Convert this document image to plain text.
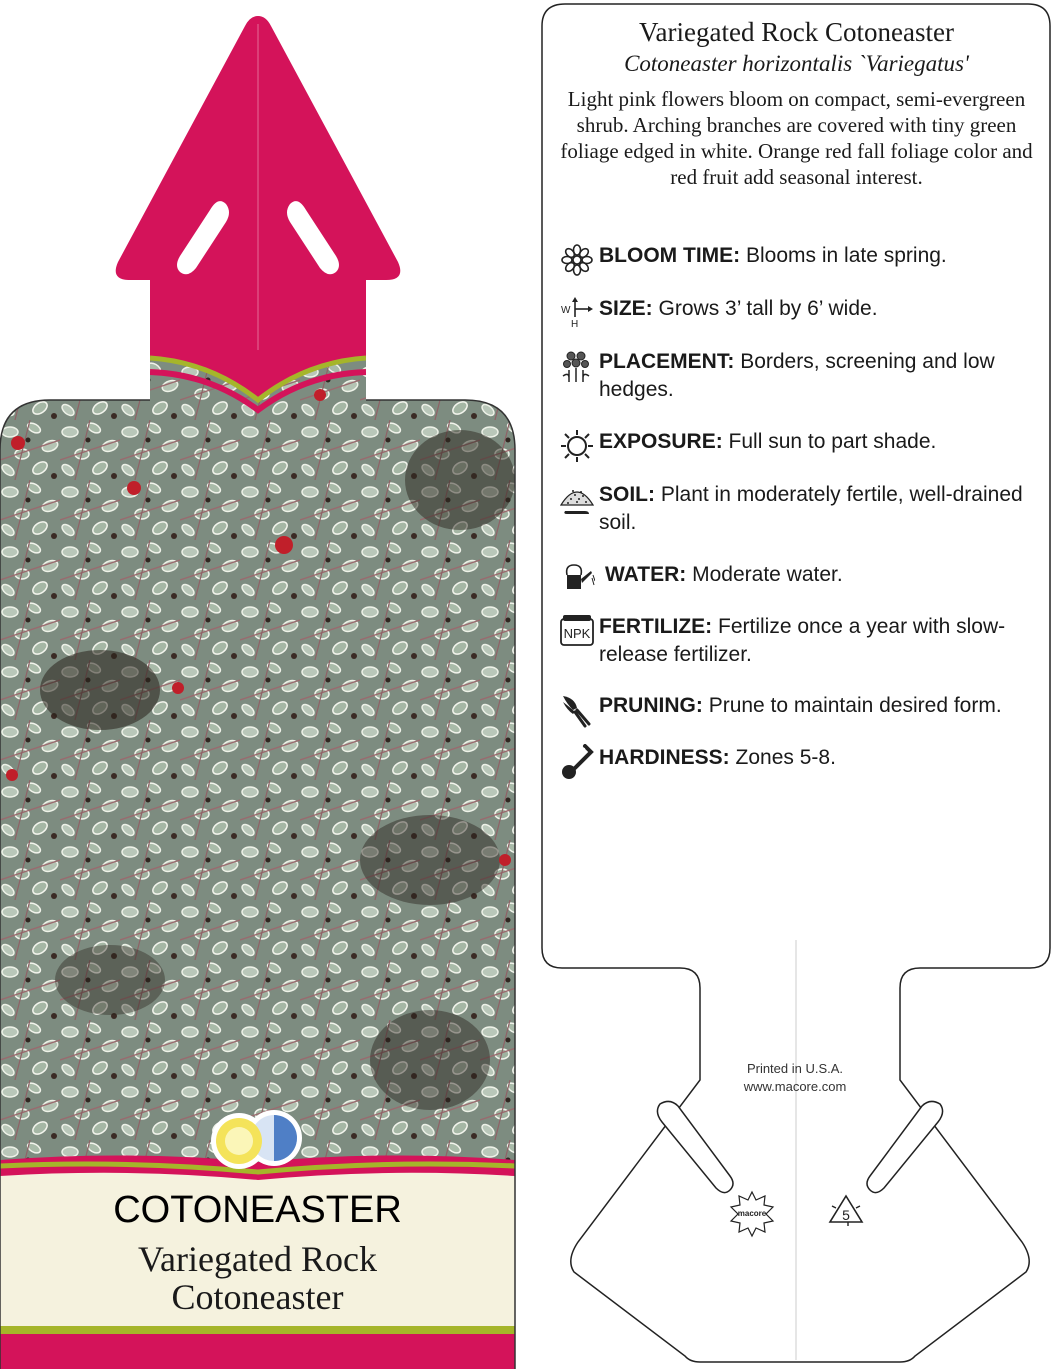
macore	5
COTONEASTER
Variegated Rock
Cotoneaster
Variegated Rock Cotoneaster
Cotoneaster horizontalis `Variegatus'
Light pink flowers bloom on compact, semi-evergreen shrub. Arching branches are covered with tiny green foliage edged in white. Orange red fall foliage color and red fruit add seasonal interest.
BLOOM TIME: Blooms in late spring.
W
H
SIZE: Grows 3’ tall by 6’ wide.
PLACEMENT: Borders, screening and low hedges.
EXPOSURE: Full sun to part shade.
SOIL: Plant in moderately fertile, well-drained soil.
WATER: Moderate water.
NPK FERTILIZE: Fertilize once a year with slow-release fertilizer.
PRUNING: Prune to maintain desired form.
HARDINESS: Zones 5-8.
Printed in U.S.A.
www.macore.com
